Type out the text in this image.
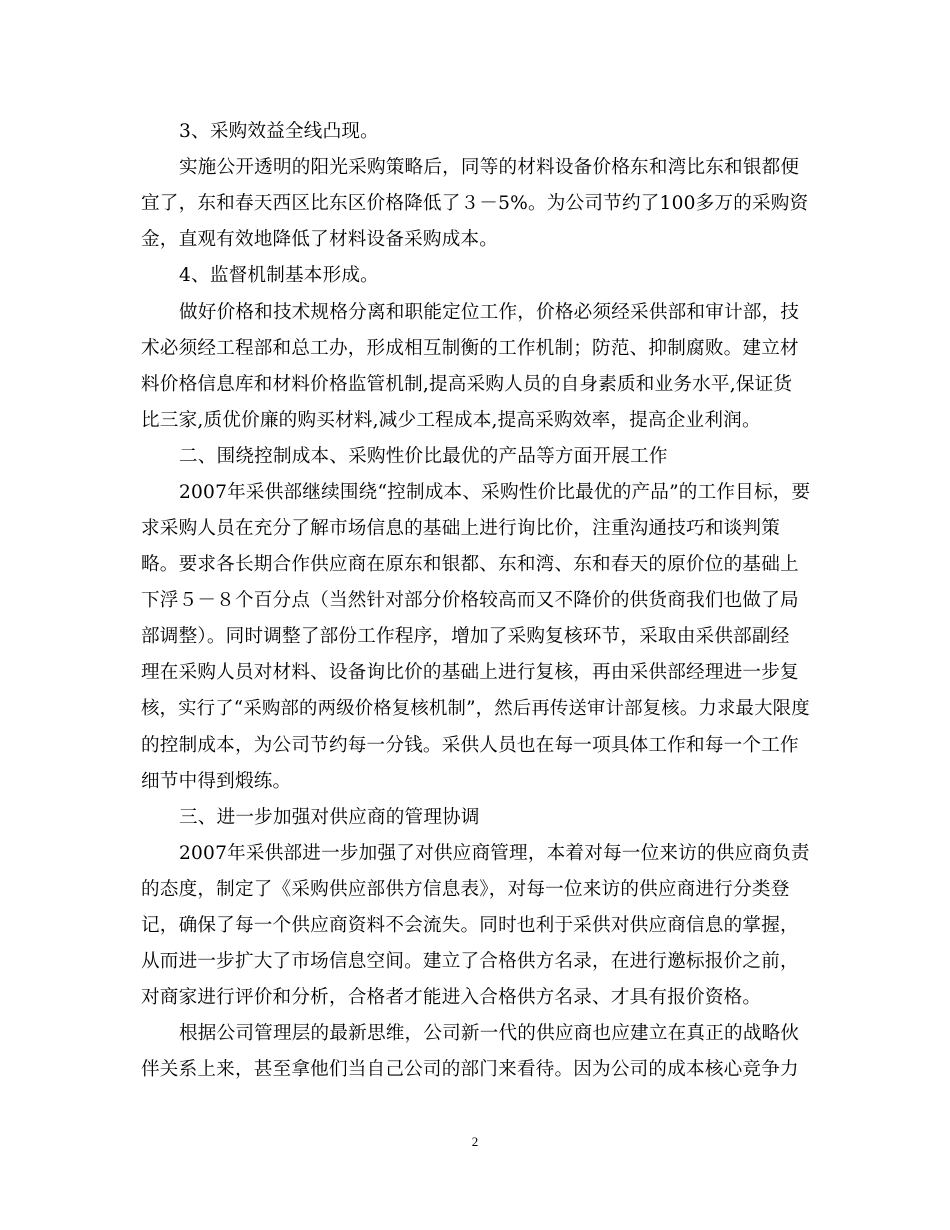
3、采购效益全线凸现。
实施公开透明的阳光采购策略后，同等的材料设备价格东和湾比东和银都便
宜了，东和春天西区比东区价格降低了３－5%。为公司节约了100多万的采购资
金，直观有效地降低了材料设备采购成本。
4、监督机制基本形成。
做好价格和技术规格分离和职能定位工作，价格必须经采供部和审计部，技
术必须经工程部和总工办，形成相互制衡的工作机制；防范、抑制腐败。建立材
料价格信息库和材料价格监管机制,提高采购人员的自身素质和业务水平,保证货
比三家,质优价廉的购买材料,减少工程成本,提高采购效率，提高企业利润。
二、围绕控制成本、采购性价比最优的产品等方面开展工作
2007年采供部继续围绕“控制成本、采购性价比最优的产品”的工作目标，要
求采购人员在充分了解市场信息的基础上进行询比价，注重沟通技巧和谈判策
略。要求各长期合作供应商在原东和银都、东和湾、东和春天的原价位的基础上
下浮５－８个百分点（当然针对部分价格较高而又不降价的供货商我们也做了局
部调整）。同时调整了部份工作程序，增加了采购复核环节，采取由采供部副经
理在采购人员对材料、设备询比价的基础上进行复核，再由采供部经理进一步复
核，实行了“采购部的两级价格复核机制”，然后再传送审计部复核。力求最大限度
的控制成本，为公司节约每一分钱。采供人员也在每一项具体工作和每一个工作
细节中得到煅练。
三、进一步加强对供应商的管理协调
2007年采供部进一步加强了对供应商管理，本着对每一位来访的供应商负责
的态度，制定了《采购供应部供方信息表》，对每一位来访的供应商进行分类登
记，确保了每一个供应商资料不会流失。同时也利于采供对供应商信息的掌握，
从而进一步扩大了市场信息空间。建立了合格供方名录，在进行邀标报价之前，
对商家进行评价和分析，合格者才能进入合格供方名录、才具有报价资格。
根据公司管理层的最新思维，公司新一代的供应商也应建立在真正的战略伙
伴关系上来，甚至拿他们当自己公司的部门来看待。因为公司的成本核心竞争力
2
